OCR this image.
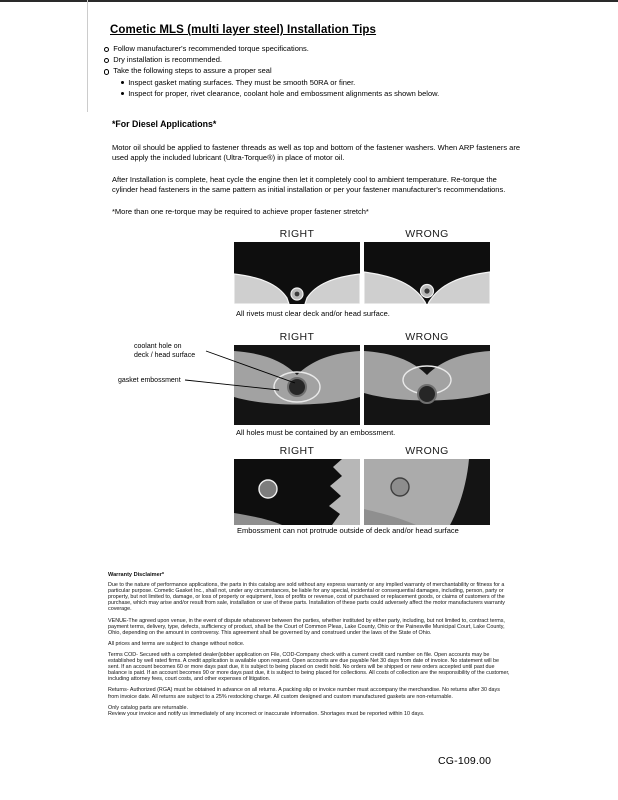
Cometic MLS (multi layer steel) Installation Tips
Follow manufacturer's recommended torque specifications.
Dry installation is recommended.
Take the following steps to assure a proper seal
Inspect gasket mating surfaces. They must be smooth 50RA or finer.
Inspect for proper, rivet clearance, coolant hole and embossment alignments as shown below.
*For Diesel Applications*

Motor oil should be applied to fastener threads as well as top and bottom of the fastener washers. When ARP fasteners are used apply the included lubricant (Ultra-Torque®) in place of motor oil.

After Installation is complete, heat cycle the engine then let it completely cool to ambient temperature. Re-torque the cylinder head fasteners in the same pattern as initial installation or per your fastener manufacturer's recommendations.

*More than one re-torque may be required to achieve proper fastener stretch*
RIGHT	WRONG
All rivets must clear deck and/or head surface.
RIGHT	WRONG
coolant hole on
deck / head surface
gasket embossment
All holes must be contained by an embossment.
RIGHT	WRONG
Embossment can not protrude outside of deck and/or head surface
Warranty Disclaimer*

Due to the nature of performance applications, the parts in this catalog are sold without any express warranty or any implied warranty of merchantability or fitness for a particular purpose. Cometic Gasket Inc., shall not, under any circumstances, be liable for any special, incidental or consequential damages, including, person, party or property, but not limited to, damage, or loss of property or equipment, loss of profits or revenue, cost of purchased or replacement goods, or claims of customers of the purchase, which may arise and/or result from sale, installation or use of these parts. Installation of these parts could adversely affect the motor manufacturers warranty coverage.

VENUE-The agreed upon venue, in the event of dispute whatsoever between the parties, whether instituted by either party, including, but not limited to, contract terms, payment terms, delivery, type, defects, sufficiency of product, shall be the Court of Common Pleas, Lake County, Ohio or the Painesville Municipal Court, Lake County, Ohio, depending on the amount in controversy. This agreement shall be governed by and construed under the laws of the State of Ohio.

All prices and terms are subject to change without notice.

Terms COD- Secured with a completed dealer/jobber application on File, COD-Company check with a current credit card number on file. Open accounts may be established by well rated firms. A credit application is available upon request. Open accounts are due payable Net 30 days from date of invoice. No statement will be sent. If an account becomes 60 or more days past due, it is subject to being placed on credit hold. No orders will be shipped or new orders accepted until past due balance is paid. If an account becomes 90 or more days past due, it is subject to being placed for collections. All costs of collection are the responsibility of the customer, including attorney fees, court costs, and other expenses of litigation.

Returns- Authorized (RGA) must be obtained in advance on all returns. A packing slip or invoice number must accompany the merchandise. No returns after 30 days from invoice date. All returns are subject to a 25% restocking charge. All custom designed and custom manufactured gaskets are non-returnable.

Only catalog parts are returnable.

Review your invoice and notify us immediately of any incorrect or inaccurate information. Shortages must be reported within 10 days.

CG-109.00
